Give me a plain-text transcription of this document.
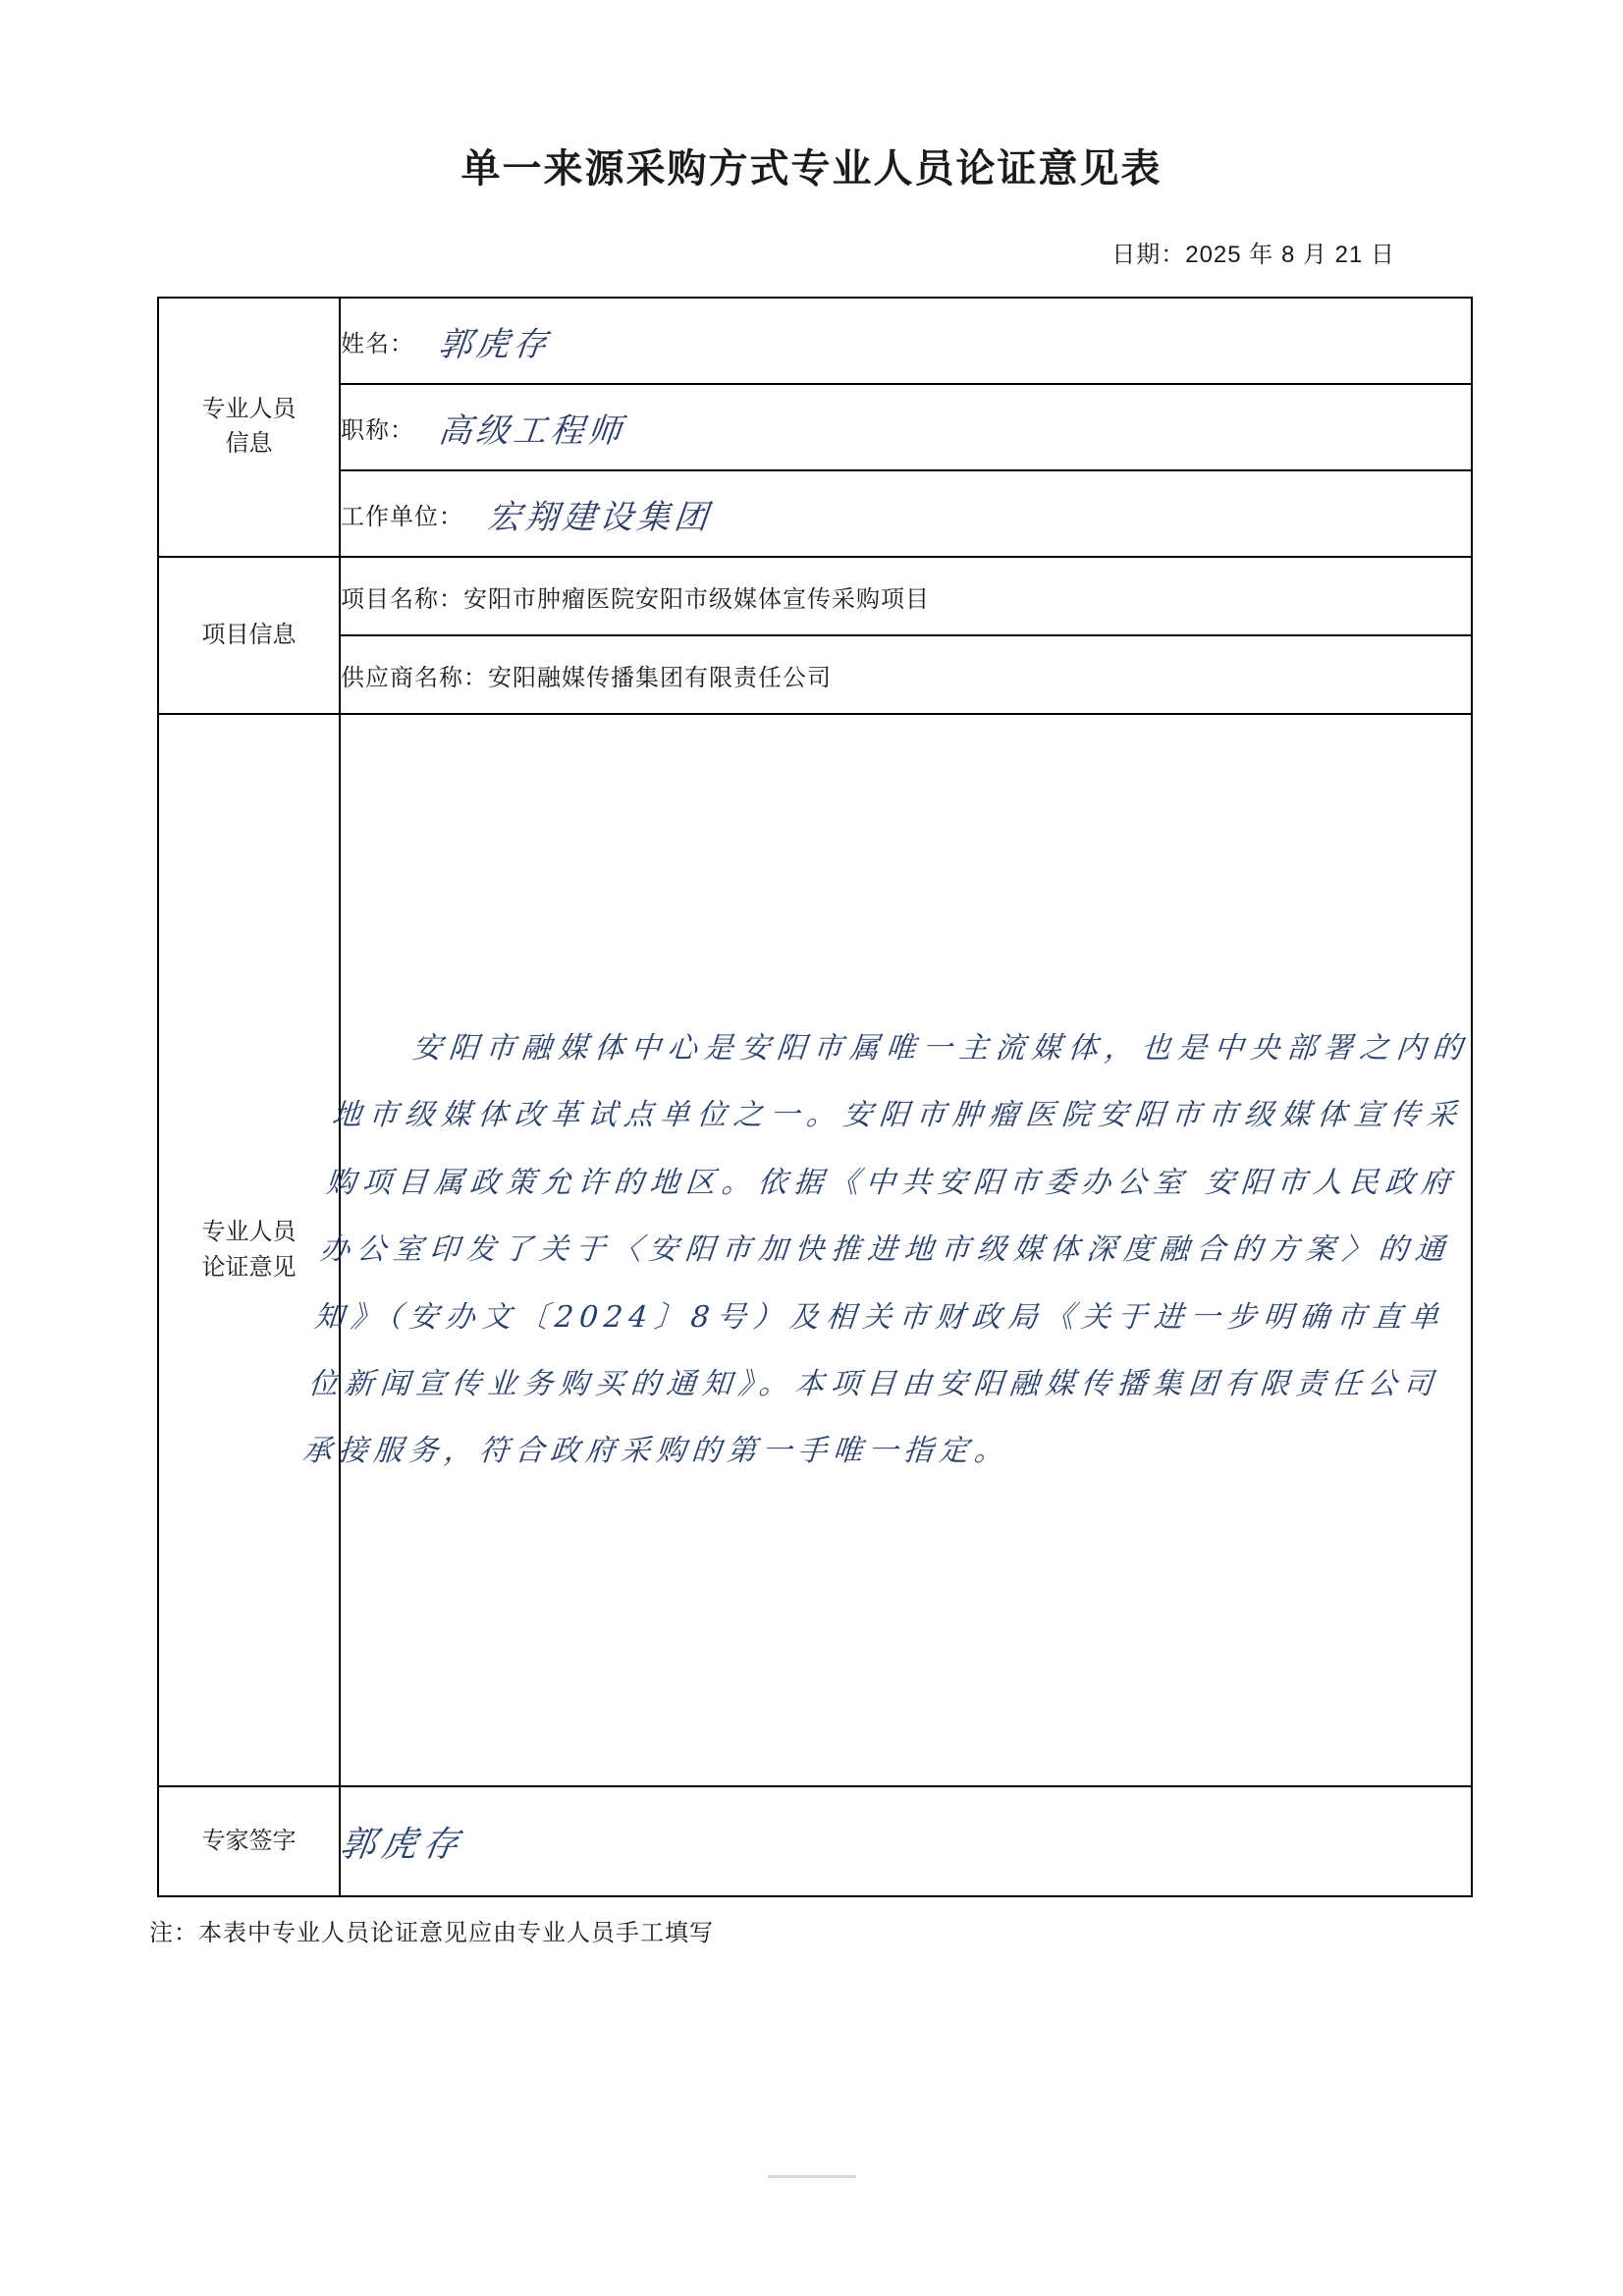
单一来源采购方式专业人员论证意见表
日期：2025 年 8 月 21 日
专业人员
信息	姓名： 郭虎存
	职称： 高级工程师
	工作单位： 宏翔建设集团
项目信息	项目名称：安阳市肿瘤医院安阳市级媒体宣传采购项目
	供应商名称：安阳融媒传播集团有限责任公司
专业人员
论证意见	安阳市融媒体中心是安阳市属唯一主流媒体，也是中央部署之内的地市级媒体改革试点单位之一。安阳市肿瘤医院安阳市市级媒体宣传采购项目属政策允许的地区。依据《中共安阳市委办公室 安阳市人民政府办公室印发了关于〈安阳市加快推进地市级媒体深度融合的方案〉的通知》（安办文〔2024〕8号）及相关市财政局《关于进一步明确市直单位新闻宣传业务购买的通知》。本项目由安阳融媒传播集团有限责任公司承接服务，符合政府采购的第一手唯一指定。

专家签字	郭虎存
注：本表中专业人员论证意见应由专业人员手工填写
